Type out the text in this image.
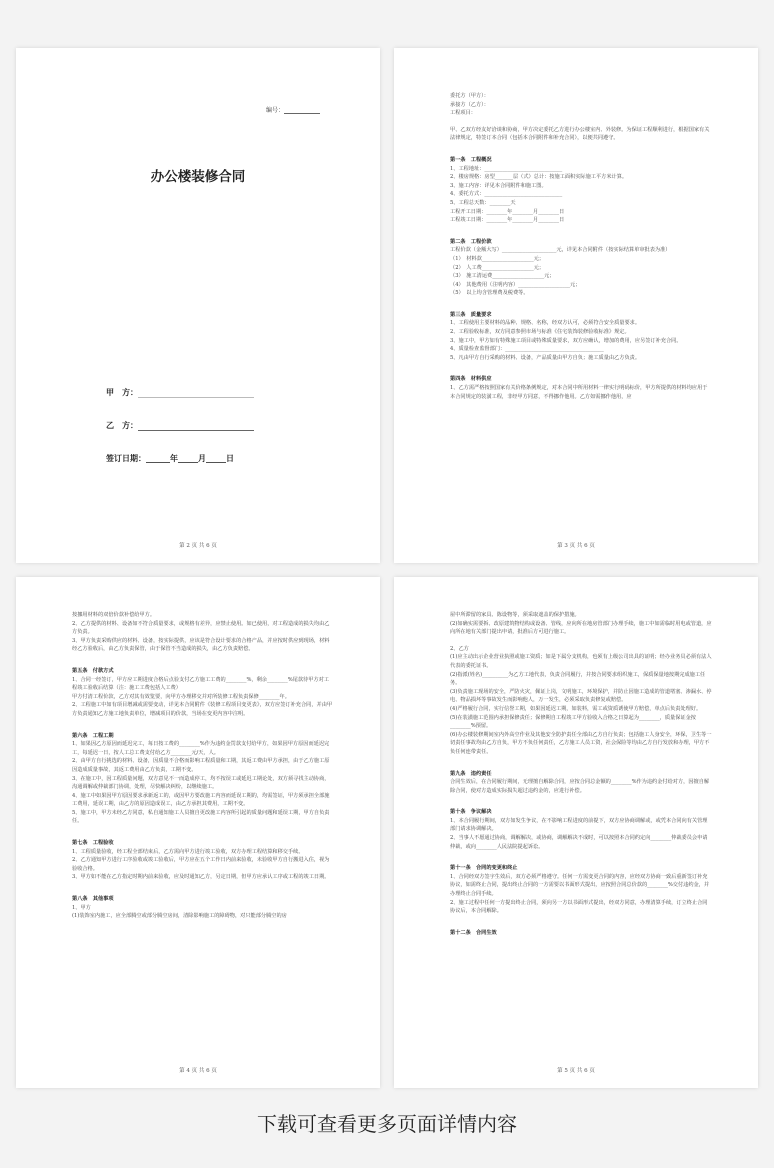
编号：
办公楼装修合同
甲　方：
乙　方：
签订日期：______年_____月_____日
第 2 页 共 6 页

委托方（甲方）：

承接方（乙方）：

工程项目：

甲、乙双方经友好洽谈和协商，甲方决定委托乙方进行办公楼室内、外装修。为保证工程顺利进行，根据国家有关法律规定，特签订本合同（包括本合同附件和补充合同），以便共同遵守。

第一条　工程概况

1、工程地址：______________________________

2、楼房规格：房型_______层（式）总计：按施工面积实际施工平方米计算。

3、施工内容：详见本合同附件和施工图。

4、委托方式：______________________________

5、工程总天数：________天

工程开工日期：________年________月________日

工程竣工日期：________年________月________日

第二条　工程价款

工程价款（金额大写）_____________________元，详见本合同附件（按实际结算单审批表为准）

（1）　材料款____________________元；

（2）　人工费____________________元；

（3）　施工清运费____________________元；

（4）　其他费用（注明内容）____________________元；

（5）　以上均含管理费及税费等。

第三条　质量要求

1、工程使用主要材料的品种、规格、名称，经双方认可，必须符合安全质量要求。

2、工程验收标准，双方同意参照市场与标准《住宅装饰装修验收标准》规定。

3、施工中，甲方如有特殊施工项目或特殊质量要求，双方应确认，增加的费用，应另签订补充合同。

4、质量检查监督部门：______________________________________

5、凡由甲方自行采购的材料、设备，产品质量由甲方自负；施工质量由乙方负责。

第四条　材料供应

1、乙方需严格按照国家有关价格条例规定，对本合同中所用材料一律实行明码标价，甲方所提供的材料均应用于本合同规定的装潢工程，非经甲方同意，不得挪作他用。乙方如需挪作他用，应

第 3 页 共 6 页

按挪用材料的双倍价款补偿给甲方。

2、乙方提供的材料、设备如不符合质量要求，或规格有差异，应禁止使用。如已使用，对工程造成的损失均由乙方负责。

3、甲方负责采购供应的材料、设备，按实际提供，应该是符合设计要求的合格产品，并应按时供应到现场，材料经乙方验收后，由乙方负责保管，由于保管不当造成的损失，由乙方负责赔偿。

第五条　付款方式

1、合同一经签订，甲方应工期进度合格后点验支付乙方施工工费的________%，剩余________%尾款待甲方对工程竣工验收后结算（注：施工工费包括人工费）

甲方付清工程价款，乙方对其有效览要，向甲方办理移交并对所装修工程负责保修________年。

2、工程施工中如有项目增减或需要变动，详见本合同附件《装修工程项目变更表》，双方应签订补充合同，并由甲方负责通知乙方施工地负责单位，增减项目的价款，当场在变更内容中注明。

第六条　工程工期

1、如果因乙方原因而延迟完工，每日按工费的________%作为违约金罚款支付给甲方，如果因甲方原因而延迟完工，每延迟一日，按人工总工费支付给乙方________元/天，人。

2、由甲方自行挑选的材料、设备，因质量不合格而影响工程质量和工期，其返工费由甲方承担，由于乙方施工原因造成质量事故，其返工费用由乙方负责，工期不变。

3、在施工中，因工程质量问题，双方意见不一而造成停工，均不按误工或延迟工期论处，双方须寻找主动协商，沟通调解或仲裁部门协调，处理，尽快解决纠纷，以继续施工。

4、施工中如果因甲方原因要求承新返工的，或因甲方要改施工内容而延误工期的，均需签证，甲方须承担全部施工费用，延误工期，由乙方的原因造成误工，由乙方承担其费用，工期不变。

5、施工中，甲方未经乙方同意，私自通知施工人员擅自更改施工内容所引起的质量问题和延误工期，甲方自负责任。

第七条　工程验收

1、工程质量验收，经工程全部结束后，乙方需向甲方进行竣工验收，双方办理工程结算和移交手续。

2、乙方通知甲方进行工序验收或竣工验收后，甲方应在五个工作日内前来验收，未验收甲方自行搬进入住，视为验收合格。

3、甲方如不能在乙方指定时期内前来验收，应及时通知乙方，另定日期，但甲方应承认工序或工程的竣工日期。

第八条　其他事项

1、甲方

(1)装饰室内施工，应全部腾空或部分腾空房间，清除影响施工的障碍物，对只能部分腾空的房

第 4 页 共 6 页

屋中所滞留的家具、陈设物等，须采取遮盖的保护措施。

(2)如确实需要拆、改原建筑物结构或设备、管线，应向所在地房管部门办理手续，施工中如需临时用电或管道，应向所在地有关部门提出申请，批准后方可进行施工。

2、乙方

(1)应主动出示企业营业执照或施工资质；如是下属分支机构，也须有上级公司出具的证明；经办业务员必须有法人代表的委托证书。

(2)指派(姓名)__________为乙方工地代表，负责合同履行，并按合同要求组织施工，保质保量地按期完成施工任务。

(3)负责施工现场的安全，严防火灾，佩证上岗，文明施工，环境保护，并防止因施工造成的管道堵塞、渗漏水、停电、物品损坏等事故发生而影响他人，万一发生，必须采取负责修复或赔偿。

(4)严格履行合同，实行信誉工期，如果因延迟工期，如装料，需工或资质诱使甲方赔偿，单点后负责处理好。

(5)在装潢施工范围内承担保修责任；保修期自工程竣工甲方验收入合格之日算起为________，质量保证金按________%预留。

(6)办公楼装修期间室内外高空作业及其他安全防护责任全部由乙方自行负责；包括施工人身安全，环保，卫生等一切责任事故均由乙方自负，甲方不负任何责任，乙方施工人员工资，社会保险等均由乙方自行发放和办理，甲方不负任何连带责任。

第九条　违约责任

合同生效后，在合同履行期间，无理擅自解除合同，应按合同总金额的________%作为违约金付给对方，因擅自解除合同，使对方造成实际损失超过违约金的，应进行补偿。

第十条　争议解决

1、本合同履行期间，双方如发生争议，在不影响工程进度的前提下，双方应协商调解或，或凭本合同向有关管理部门请求协调解决。

2、当事人不愿通过协商，调解解决，或协商，调解解决不成时，可以按照本合同约定向________仲裁委员会申请仲裁，或向________人民法院提起诉讼。

第十一条　合同的变更和终止

1、合同经双方签字生效后，双方必须严格遵守。任何一方需变更合同的内容，应经双方协商一致后重新签订补充协议，如需终止合同，提出终止合同的一方需要以书面形式提出，应按照合同总价款的________%交付违约金，并办理终止合同手续。

2、施工过程中任何一方提出终止合同，须向另一方以书面形式提出，经双方同意，办理清算手续，订立终止合同协议后，本合同解除。

第十二条　合同生效

第 5 页 共 6 页
下载可查看更多页面详情内容
